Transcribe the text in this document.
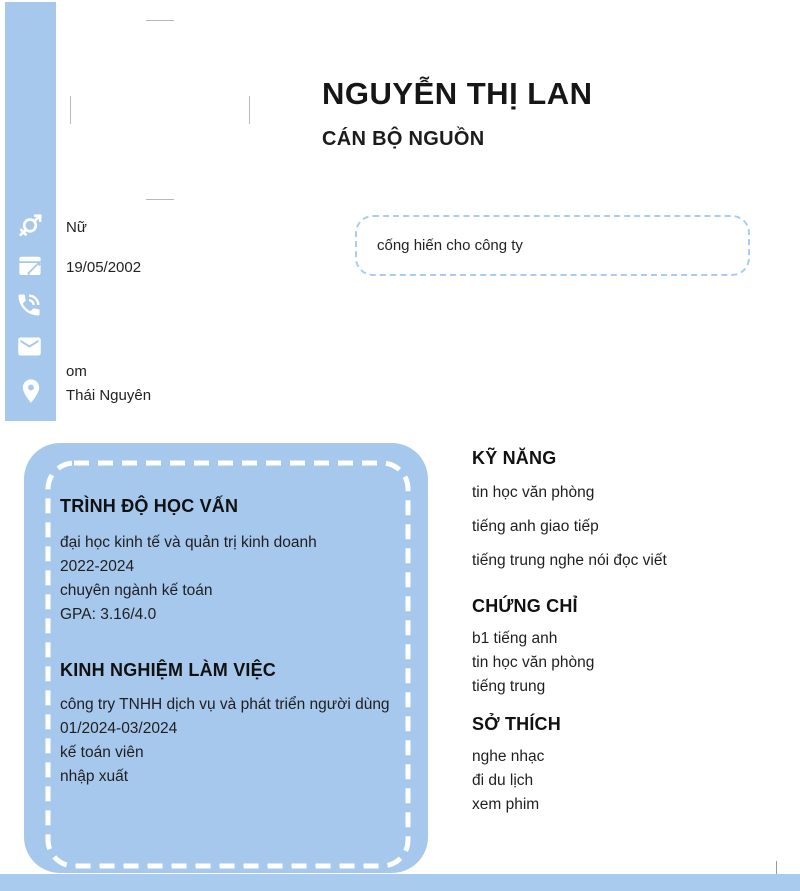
NGUYỄN THỊ LAN
CÁN BỘ NGUỒN
Nữ
19/05/2002
om
Thái Nguyên
cống hiến cho công ty
TRÌNH ĐỘ HỌC VẤN
đại học kinh tế và quản trị kinh doanh
2022-2024
chuyên ngành kế toán
GPA: 3.16/4.0
KINH NGHIỆM LÀM VIỆC

công try TNHH dịch vụ và phát triển người dùng

01/2024-03/2024
kế toán viên
nhập xuất
KỸ NĂNG
tin học văn phòng
tiếng anh giao tiếp
tiếng trung nghe nói đọc viết
CHỨNG CHỈ
b1 tiếng anh
tin học văn phòng
tiếng trung
SỞ THÍCH
nghe nhạc
đi du lịch
xem phim
